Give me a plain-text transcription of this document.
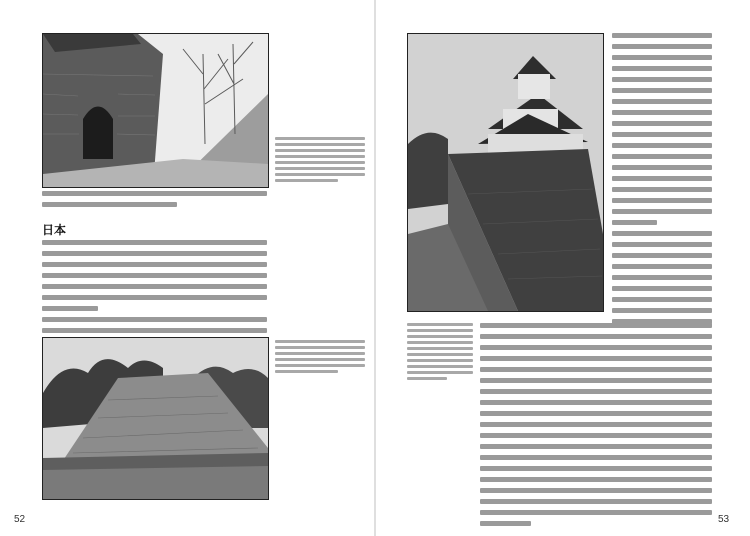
日本
52	53
